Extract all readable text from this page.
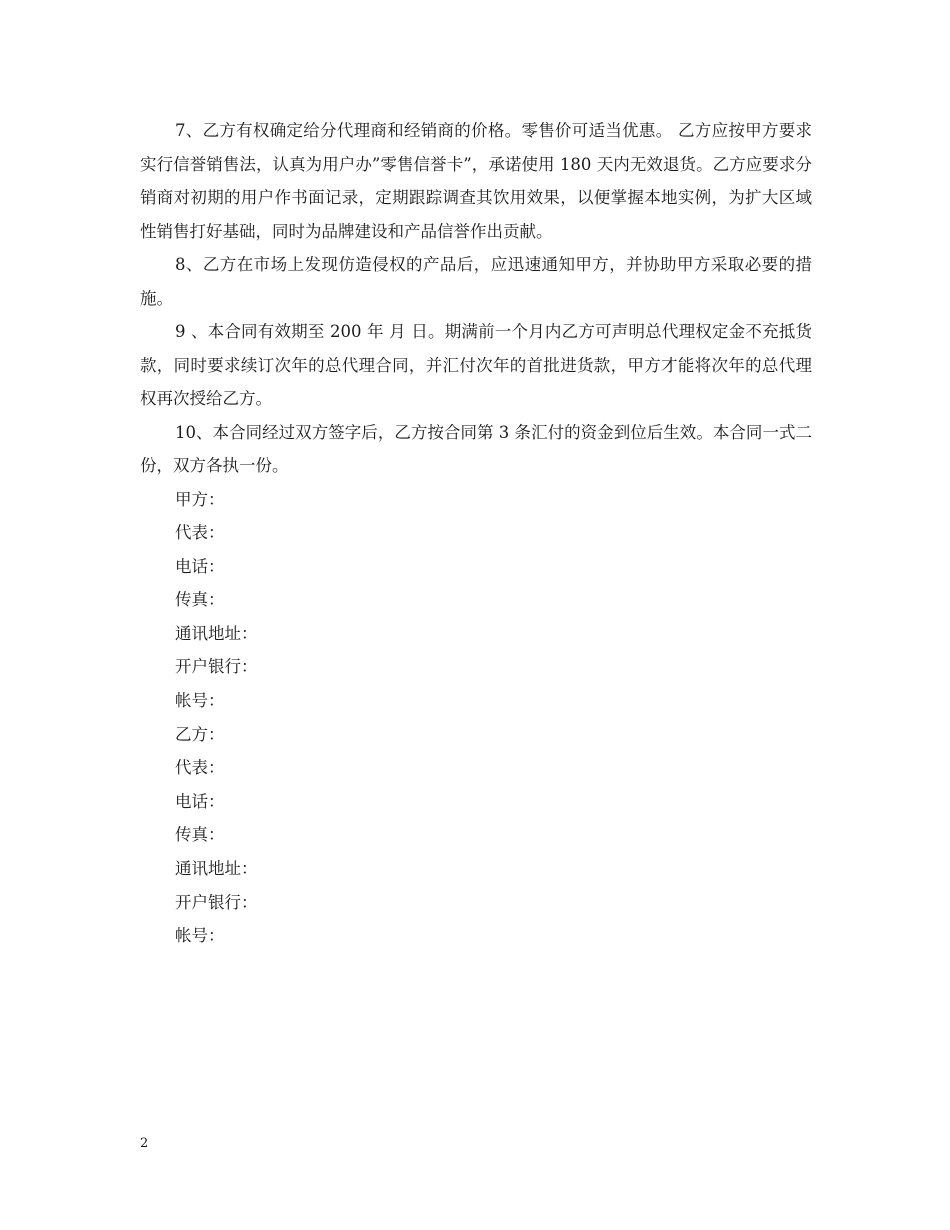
7、乙方有权确定给分代理商和经销商的价格。零售价可适当优惠。 乙方应按甲方要求实行信誉销售法，认真为用户办”零售信誉卡”，承诺使用 180 天内无效退货。乙方应要求分销商对初期的用户作书面记录，定期跟踪调查其饮用效果，以便掌握本地实例，为扩大区域性销售打好基础，同时为品牌建设和产品信誉作出贡献。

8、乙方在市场上发现仿造侵权的产品后，应迅速通知甲方，并协助甲方采取必要的措施。

9 、本合同有效期至 200 年 月 日。期满前一个月内乙方可声明总代理权定金不充抵货款，同时要求续订次年的总代理合同，并汇付次年的首批进货款，甲方才能将次年的总代理权再次授给乙方。

10、本合同经过双方签字后，乙方按合同第 3 条汇付的资金到位后生效。本合同一式二份，双方各执一份。

甲方：

代表：

电话：

传真：

通讯地址：

开户银行：

帐号：

乙方：

代表：

电话：

传真：

通讯地址：

开户银行：

帐号：

2
